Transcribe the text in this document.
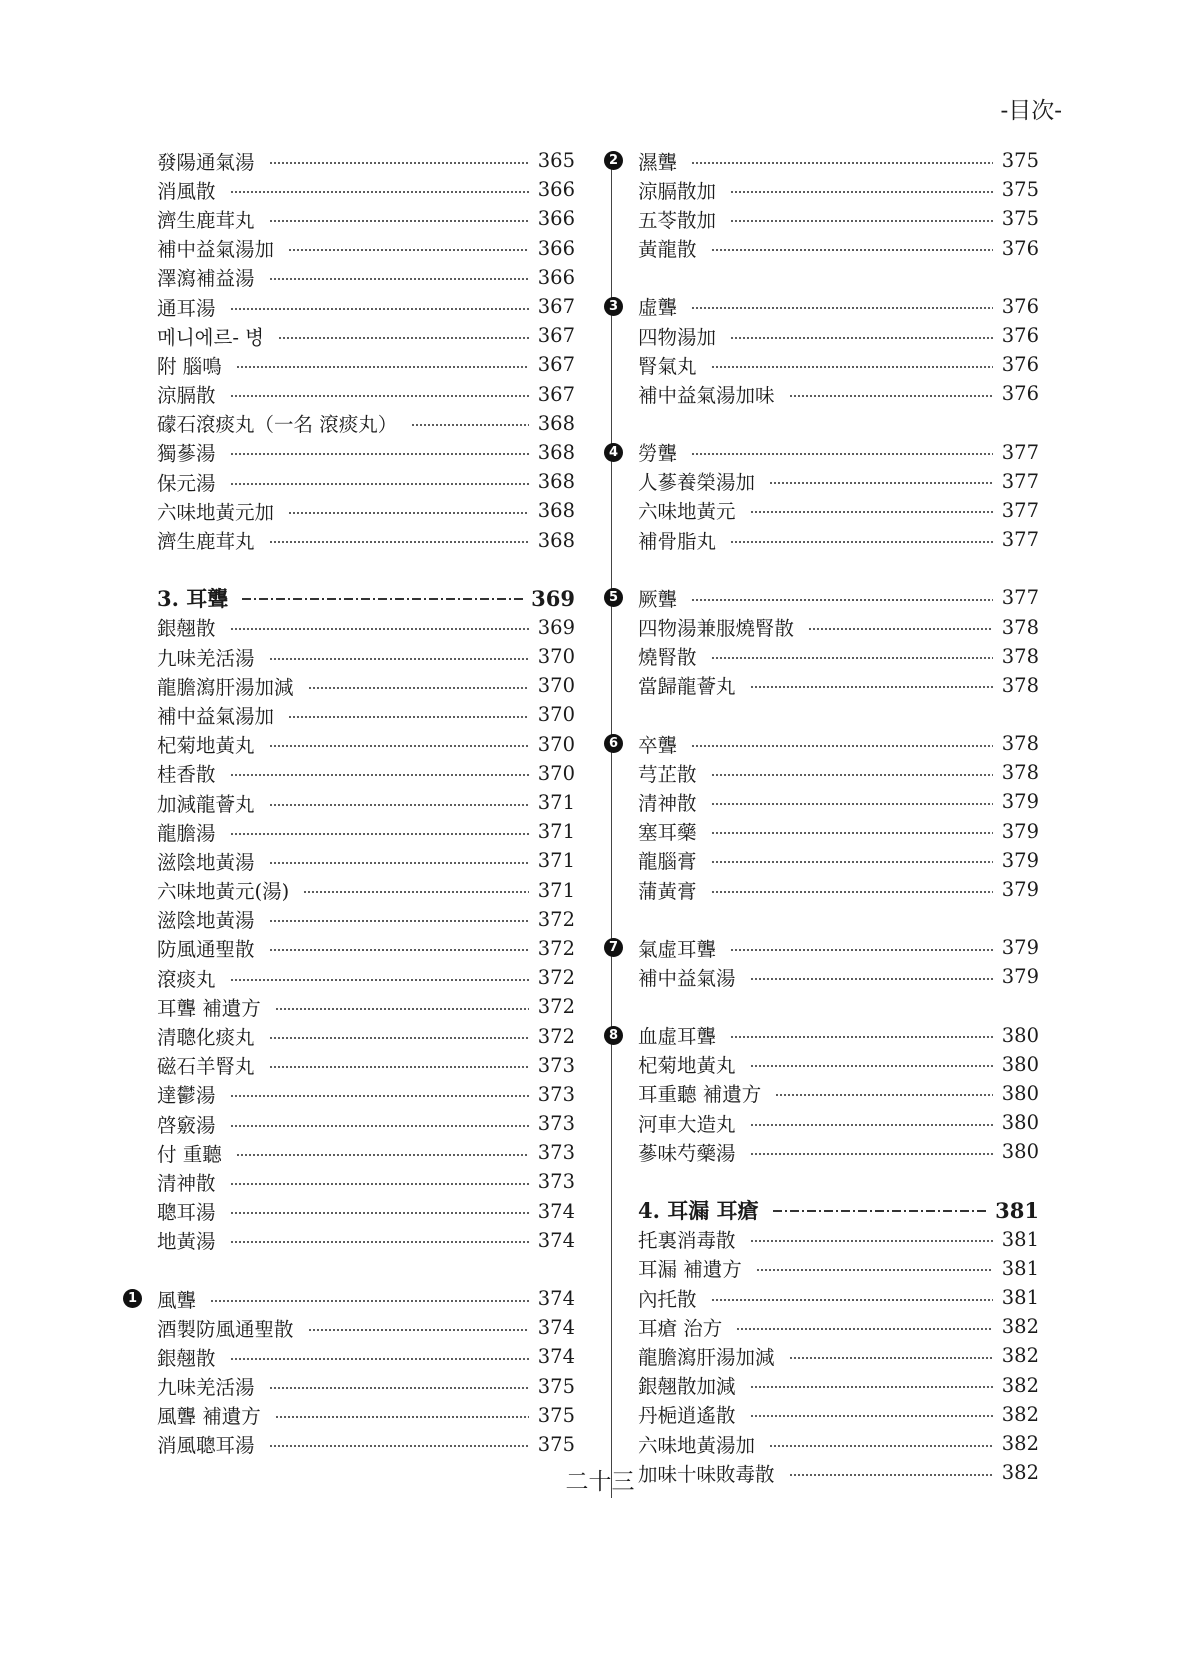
-目次-
發陽通氣湯	365
消風散	366
濟生鹿茸丸	366
補中益氣湯加	366
澤瀉補益湯	366
通耳湯	367
메니에르- 병	367
附 腦鳴	367
涼膈散	367
礞石滾痰丸（一名 滾痰丸）	368
獨蔘湯	368
保元湯	368
六味地黃元加	368
濟生鹿茸丸	368
3. 耳聾	369
銀翹散	369
九味羌活湯	370
龍膽瀉肝湯加減	370
補中益氣湯加	370
杞菊地黃丸	370
桂香散	370
加減龍薈丸	371
龍膽湯	371
滋陰地黃湯	371
六味地黃元(湯)	371
滋陰地黃湯	372
防風通聖散	372
滾痰丸	372
耳聾 補遺方	372
清聰化痰丸	372
磁石羊腎丸	373
達鬱湯	373
啓竅湯	373
付 重聽	373
清神散	373
聰耳湯	374
地黃湯	374
1 風聾	374
酒製防風通聖散	374
銀翹散	374
九味羌活湯	375
風聾 補遺方	375
消風聰耳湯	375
2 濕聾	375
涼膈散加	375
五苓散加	375
黃龍散	376
3 虛聾	376
四物湯加	376
腎氣丸	376
補中益氣湯加味	376
4 勞聾	377
人蔘養榮湯加	377
六味地黃元	377
補骨脂丸	377
5 厥聾	377
四物湯兼服燒腎散	378
燒腎散	378
當歸龍薈丸	378
6 卒聾	378
芎芷散	378
清神散	379
塞耳藥	379
龍腦膏	379
蒲黃膏	379
7 氣虛耳聾	379
補中益氣湯	379
8 血虛耳聾	380
杞菊地黃丸	380
耳重聽 補遺方	380
河車大造丸	380
蔘味芍藥湯	380
4. 耳漏 耳瘡	381
托裏消毒散	381
耳漏 補遺方	381
內托散	381
耳瘡 治方	382
龍膽瀉肝湯加減	382
銀翹散加減	382
丹梔逍遙散	382
六味地黃湯加	382
加味十味敗毒散	382
二十三
